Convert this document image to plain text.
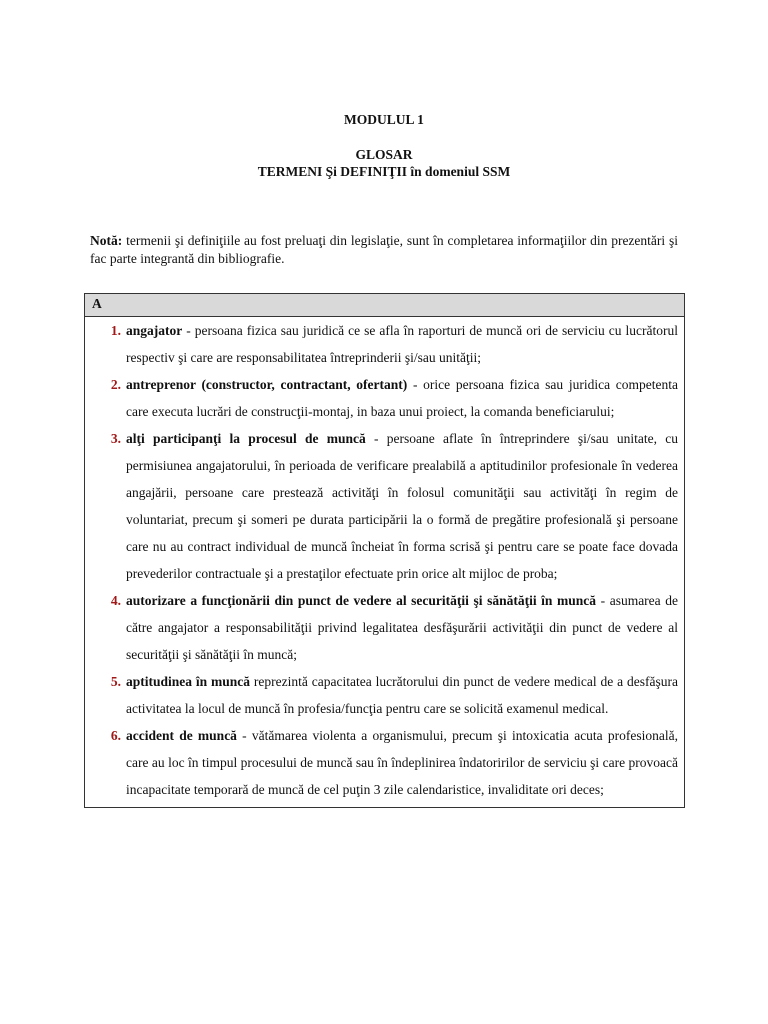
MODULUL 1
GLOSAR
TERMENI Şi DEFINIŢII în domeniul SSM

Notă: termenii şi definiţiile au fost preluaţi din legislaţie, sunt în completarea informaţiilor din prezentări şi fac parte integrantă din bibliografie.

A
1. angajator - persoana fizica sau juridică ce se afla în raporturi de muncă ori de serviciu cu lucrătorul respectiv şi care are responsabilitatea întreprinderii şi/sau unităţii;
2. antreprenor (constructor, contractant, ofertant) - orice persoana fizica sau juridica competenta care executa lucrări de construcţii-montaj, in baza unui proiect, la comanda beneficiarului;
3. alţi participanţi la procesul de muncă - persoane aflate în întreprindere şi/sau unitate, cu permisiunea angajatorului, în perioada de verificare prealabilă a aptitudinilor profesionale în vederea angajării, persoane care prestează activităţi în folosul comunităţii sau activităţi în regim de voluntariat, precum şi someri pe durata participării la o formă de pregătire profesională şi persoane care nu au contract individual de muncă încheiat în forma scrisă şi pentru care se poate face dovada prevederilor contractuale şi a prestaţilor efectuate prin orice alt mijloc de proba;
4. autorizare a funcţionării din punct de vedere al securităţii şi sănătăţii în muncă - asumarea de către angajator a responsabilităţii privind legalitatea desfăşurării activităţii din punct de vedere al securităţii şi sănătăţii în muncă;
5. aptitudinea în muncă reprezintă capacitatea lucrătorului din punct de vedere medical de a desfăşura activitatea la locul de muncă în profesia/funcţia pentru care se solicită examenul medical.
6. accident de muncă - vătămarea violenta a organismului, precum şi intoxicatia acuta profesională, care au loc în timpul procesului de muncă sau în îndeplinirea îndatoririlor de serviciu şi care provoacă incapacitate temporară de muncă de cel puţin 3 zile calendaristice, invaliditate ori deces;
